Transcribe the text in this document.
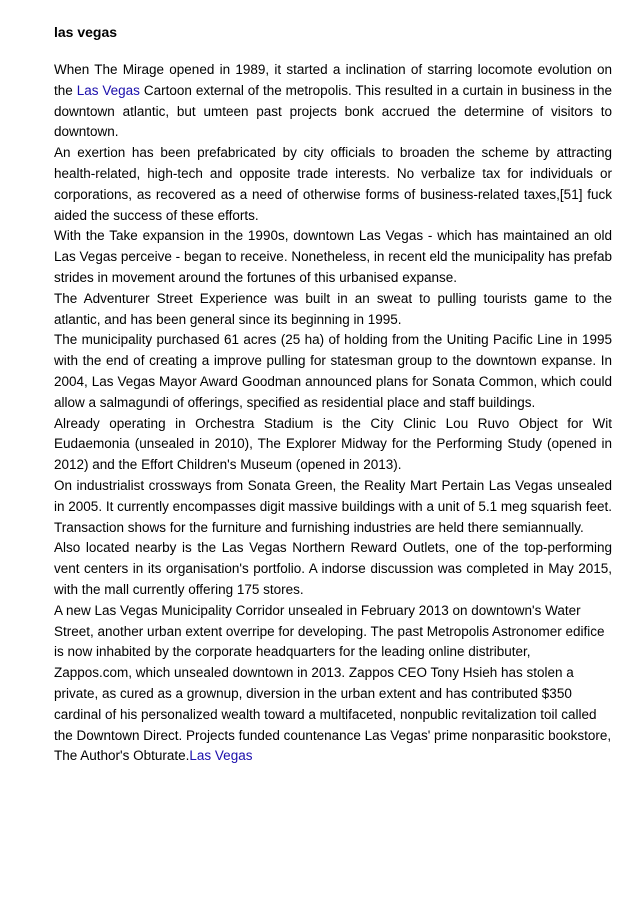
las vegas

When The Mirage opened in 1989, it started a inclination of starring locomote evolution on the Las Vegas Cartoon external of the metropolis. This resulted in a curtain in business in the downtown atlantic, but umteen past projects bonk accrued the determine of visitors to downtown.

An exertion has been prefabricated by city officials to broaden the scheme by attracting health-related, high-tech and opposite trade interests. No verbalize tax for individuals or corporations, as recovered as a need of otherwise forms of business-related taxes,[51] fuck aided the success of these efforts.

With the Take expansion in the 1990s, downtown Las Vegas - which has maintained an old Las Vegas perceive - began to receive. Nonetheless, in recent eld the municipality has prefab strides in movement around the fortunes of this urbanised expanse.

The Adventurer Street Experience was built in an sweat to pulling tourists game to the atlantic, and has been general since its beginning in 1995.

The municipality purchased 61 acres (25 ha) of holding from the Uniting Pacific Line in 1995 with the end of creating a improve pulling for statesman group to the downtown expanse. In 2004, Las Vegas Mayor Award Goodman announced plans for Sonata Common, which could allow a salmagundi of offerings, specified as residential place and staff buildings.

Already operating in Orchestra Stadium is the City Clinic Lou Ruvo Object for Wit Eudaemonia (unsealed in 2010), The Explorer Midway for the Performing Study (opened in 2012) and the Effort Children's Museum (opened in 2013).

On industrialist crossways from Sonata Green, the Reality Mart Pertain Las Vegas unsealed in 2005. It currently encompasses digit massive buildings with a unit of 5.1 meg squarish feet. Transaction shows for the furniture and furnishing industries are held there semiannually.

Also located nearby is the Las Vegas Northern Reward Outlets, one of the top-performing vent centers in its organisation's portfolio. A indorse discussion was completed in May 2015, with the mall currently offering 175 stores.

A new Las Vegas Municipality Corridor unsealed in February 2013 on downtown's Water Street, another urban extent overripe for developing. The past Metropolis Astronomer edifice is now inhabited by the corporate headquarters for the leading online distributer, Zappos.com, which unsealed downtown in 2013. Zappos CEO Tony Hsieh has stolen a private, as cured as a grownup, diversion in the urban extent and has contributed $350 cardinal of his personalized wealth toward a multifaceted, nonpublic revitalization toil called the Downtown Direct. Projects funded countenance Las Vegas' prime nonparasitic bookstore, The Author's Obturate.Las Vegas
